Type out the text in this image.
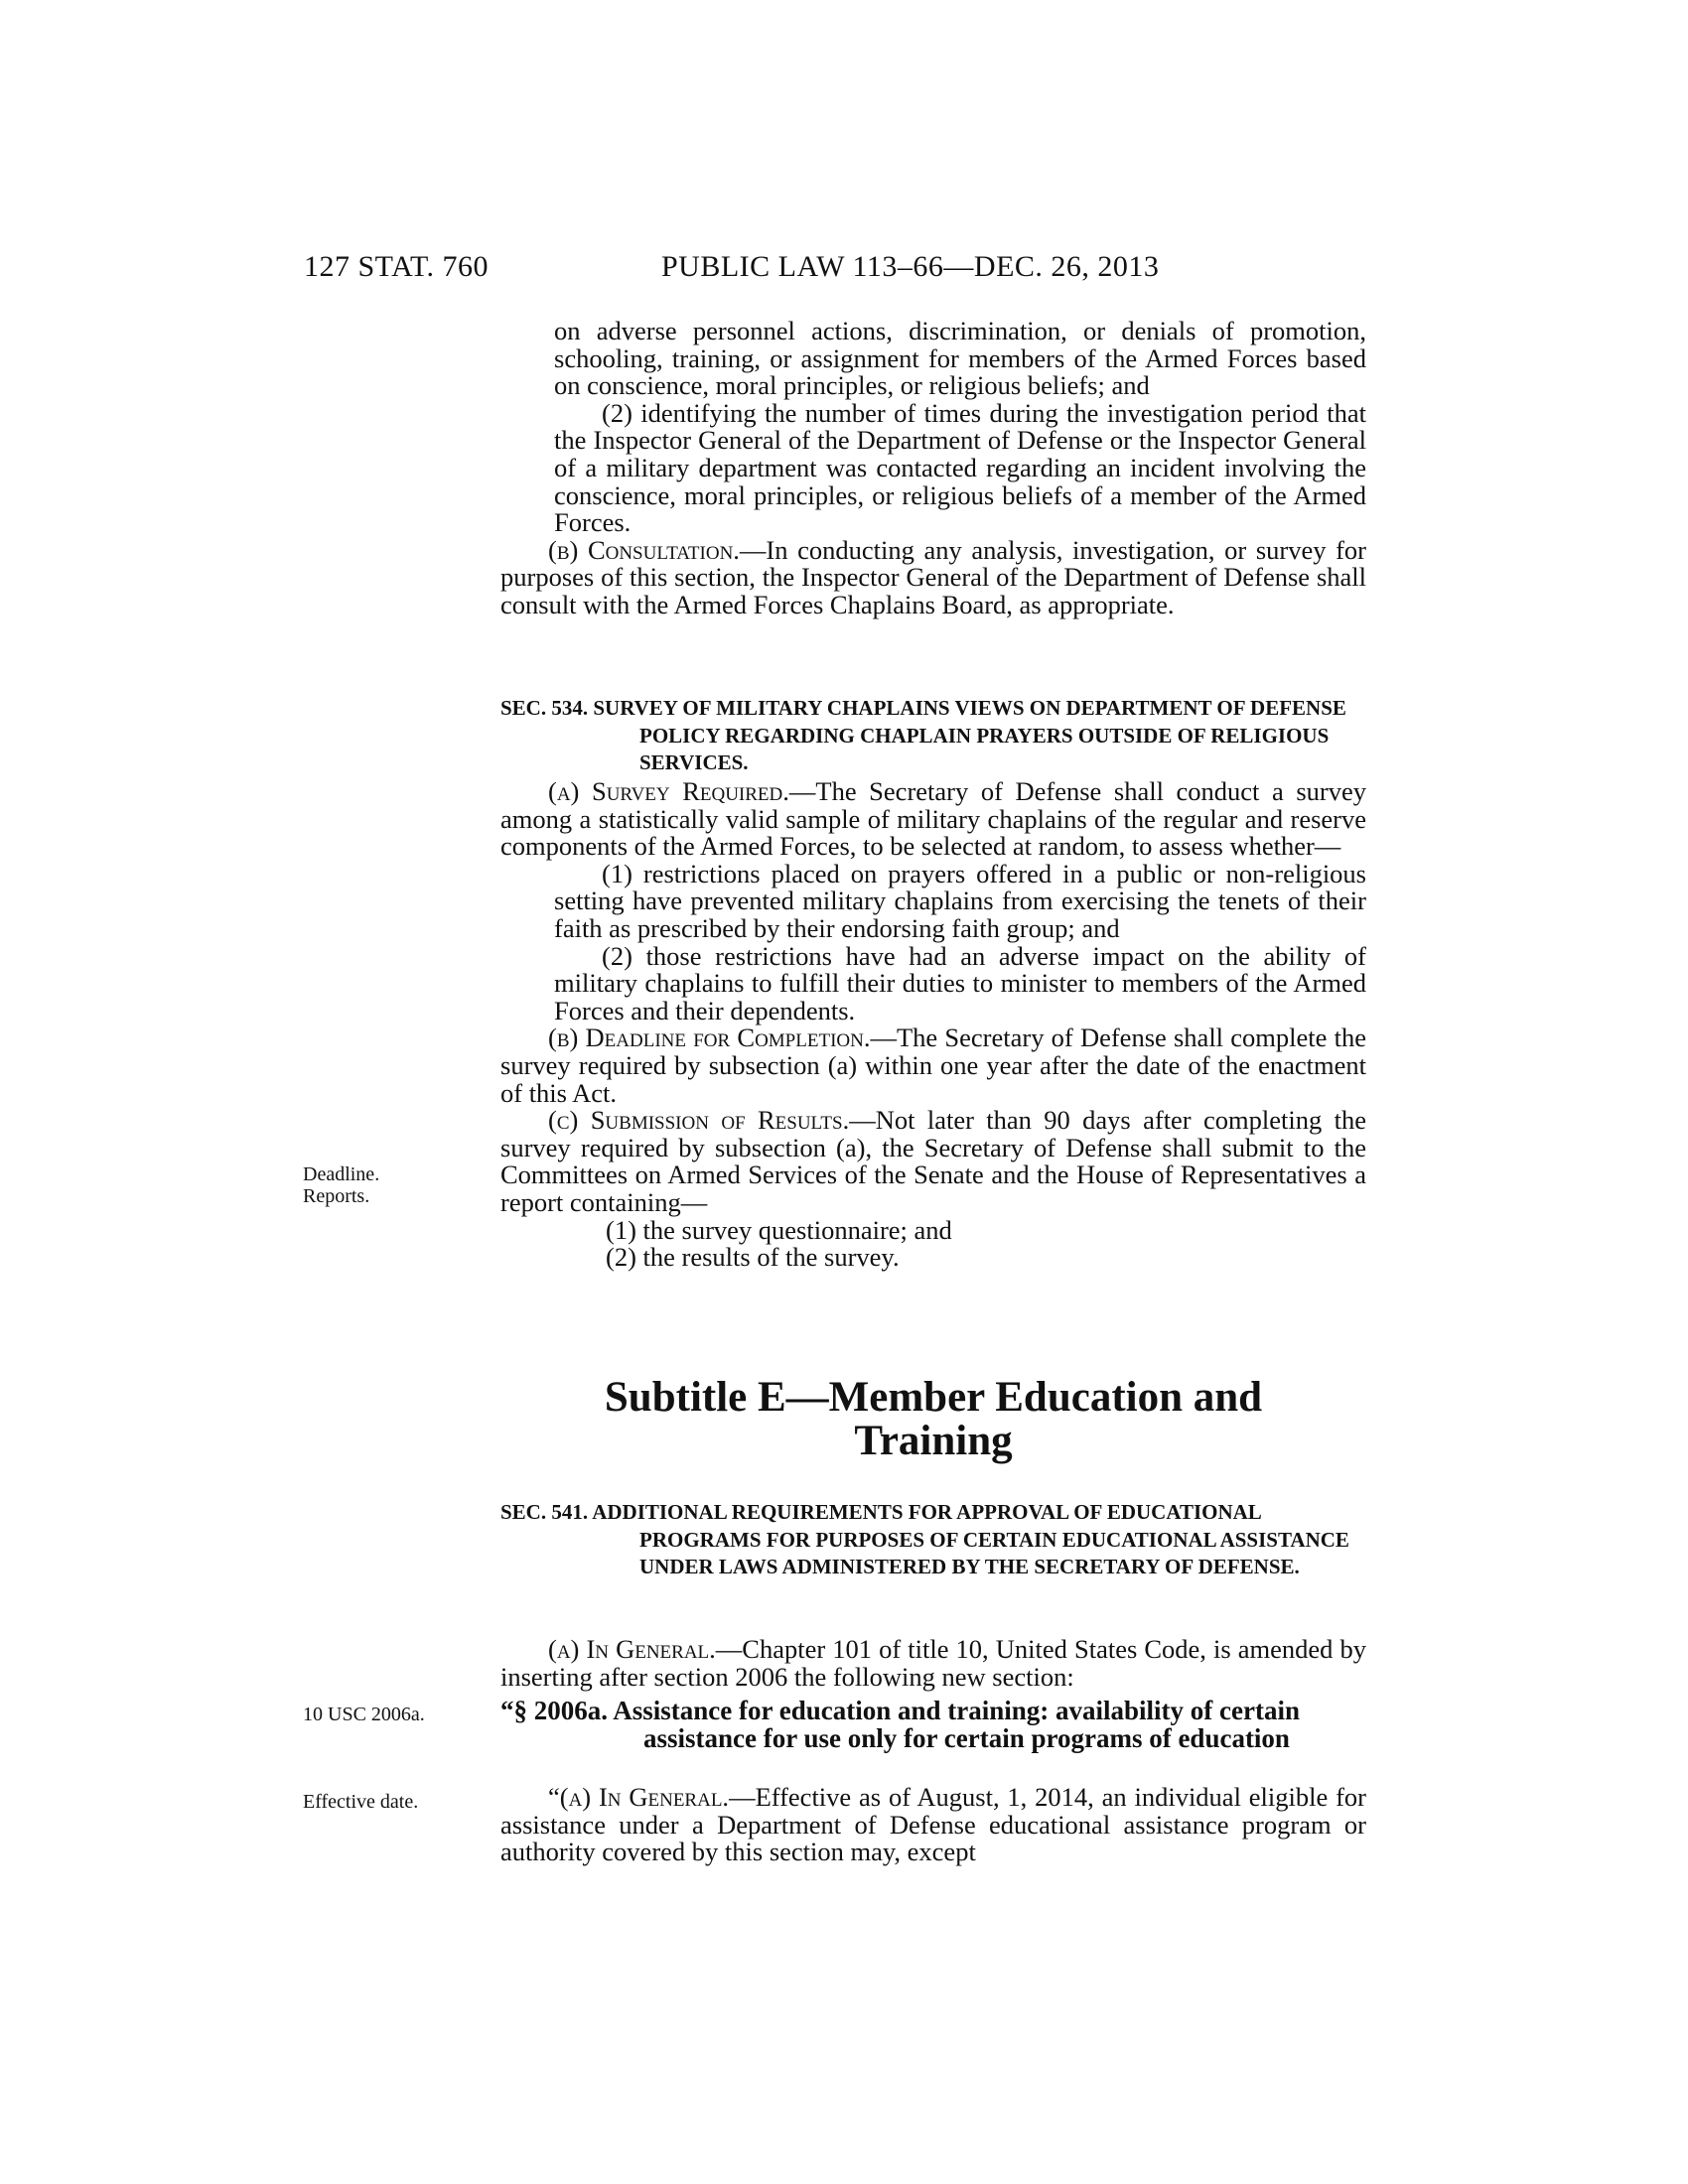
127 STAT. 760	PUBLIC LAW 113–66—DEC. 26, 2013

on adverse personnel actions, discrimination, or denials of promotion, schooling, training, or assignment for members of the Armed Forces based on conscience, moral principles, or religious beliefs; and

(2) identifying the number of times during the investigation period that the Inspector General of the Department of Defense or the Inspector General of a military department was contacted regarding an incident involving the conscience, moral principles, or religious beliefs of a member of the Armed Forces.

(b) Consultation.—In conducting any analysis, investigation, or survey for purposes of this section, the Inspector General of the Department of Defense shall consult with the Armed Forces Chaplains Board, as appropriate.

SEC. 534. SURVEY OF MILITARY CHAPLAINS VIEWS ON DEPARTMENT OF DEFENSE POLICY REGARDING CHAPLAIN PRAYERS OUTSIDE OF RELIGIOUS SERVICES.

(a) Survey Required.—The Secretary of Defense shall conduct a survey among a statistically valid sample of military chaplains of the regular and reserve components of the Armed Forces, to be selected at random, to assess whether—

(1) restrictions placed on prayers offered in a public or non-religious setting have prevented military chaplains from exercising the tenets of their faith as prescribed by their endorsing faith group; and

(2) those restrictions have had an adverse impact on the ability of military chaplains to fulfill their duties to minister to members of the Armed Forces and their dependents.

(b) Deadline for Completion.—The Secretary of Defense shall complete the survey required by subsection (a) within one year after the date of the enactment of this Act.

(c) Submission of Results.—Not later than 90 days after completing the survey required by subsection (a), the Secretary of Defense shall submit to the Committees on Armed Services of the Senate and the House of Representatives a report containing—

(1) the survey questionnaire; and

(2) the results of the survey.

Deadline.
Reports.
Subtitle E—Member Education and
Training

SEC. 541. ADDITIONAL REQUIREMENTS FOR APPROVAL OF EDUCATIONAL PROGRAMS FOR PURPOSES OF CERTAIN EDUCATIONAL ASSISTANCE UNDER LAWS ADMINISTERED BY THE SECRETARY OF DEFENSE.

(a) In General.—Chapter 101 of title 10, United States Code, is amended by inserting after section 2006 the following new section:

10 USC 2006a.	“§ 2006a. Assistance for education and training: availability of certain assistance for use only for certain programs of education

Effective date.	“(a) In General.—Effective as of August, 1, 2014, an individual eligible for assistance under a Department of Defense educational assistance program or authority covered by this section may, except
